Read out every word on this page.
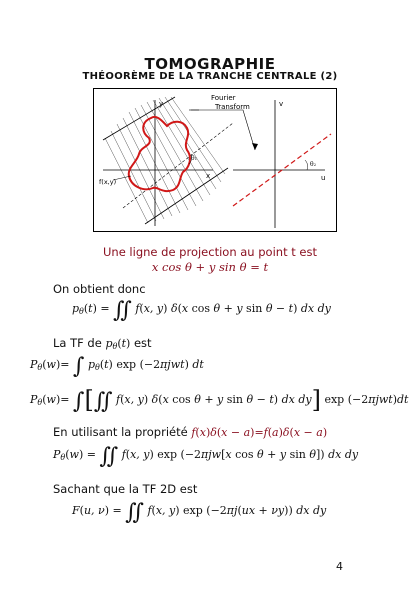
TOMOGRAPHIE
THÉOORÈME DE LA TRANCHE CENTRALE (2)
y
x
f(x,y)
θ1
Fourier
Transform	v
u
θ2
Une ligne de projection au point t est
x cos θ + y sin θ = t
On obtient donc
$p_\theta(t)$ = ∬ f(x, y) δ(x cos θ + y sin θ − t) dx dy
La TF de $p_\theta(t)$ est
$P_\theta(w)=$ ∫ $p_\theta(t)$ exp (−2πjwt) dt
$P_\theta(w)=$ ∫[∬ f(x, y) δ(x cos θ + y sin θ − t) dx dy] exp (−2πjwt)dt
En utilisant la propriété f(x)δ(x − a)=f(a)δ(x − a)
$P_\theta(w)$ = ∬ f(x, y) exp (−2πjw[x cos θ + y sin θ]) dx dy
Sachant que la TF 2D est
F(u, ν) = ∬ f(x, y) exp (−2πj(ux + νy)) dx dy
4
